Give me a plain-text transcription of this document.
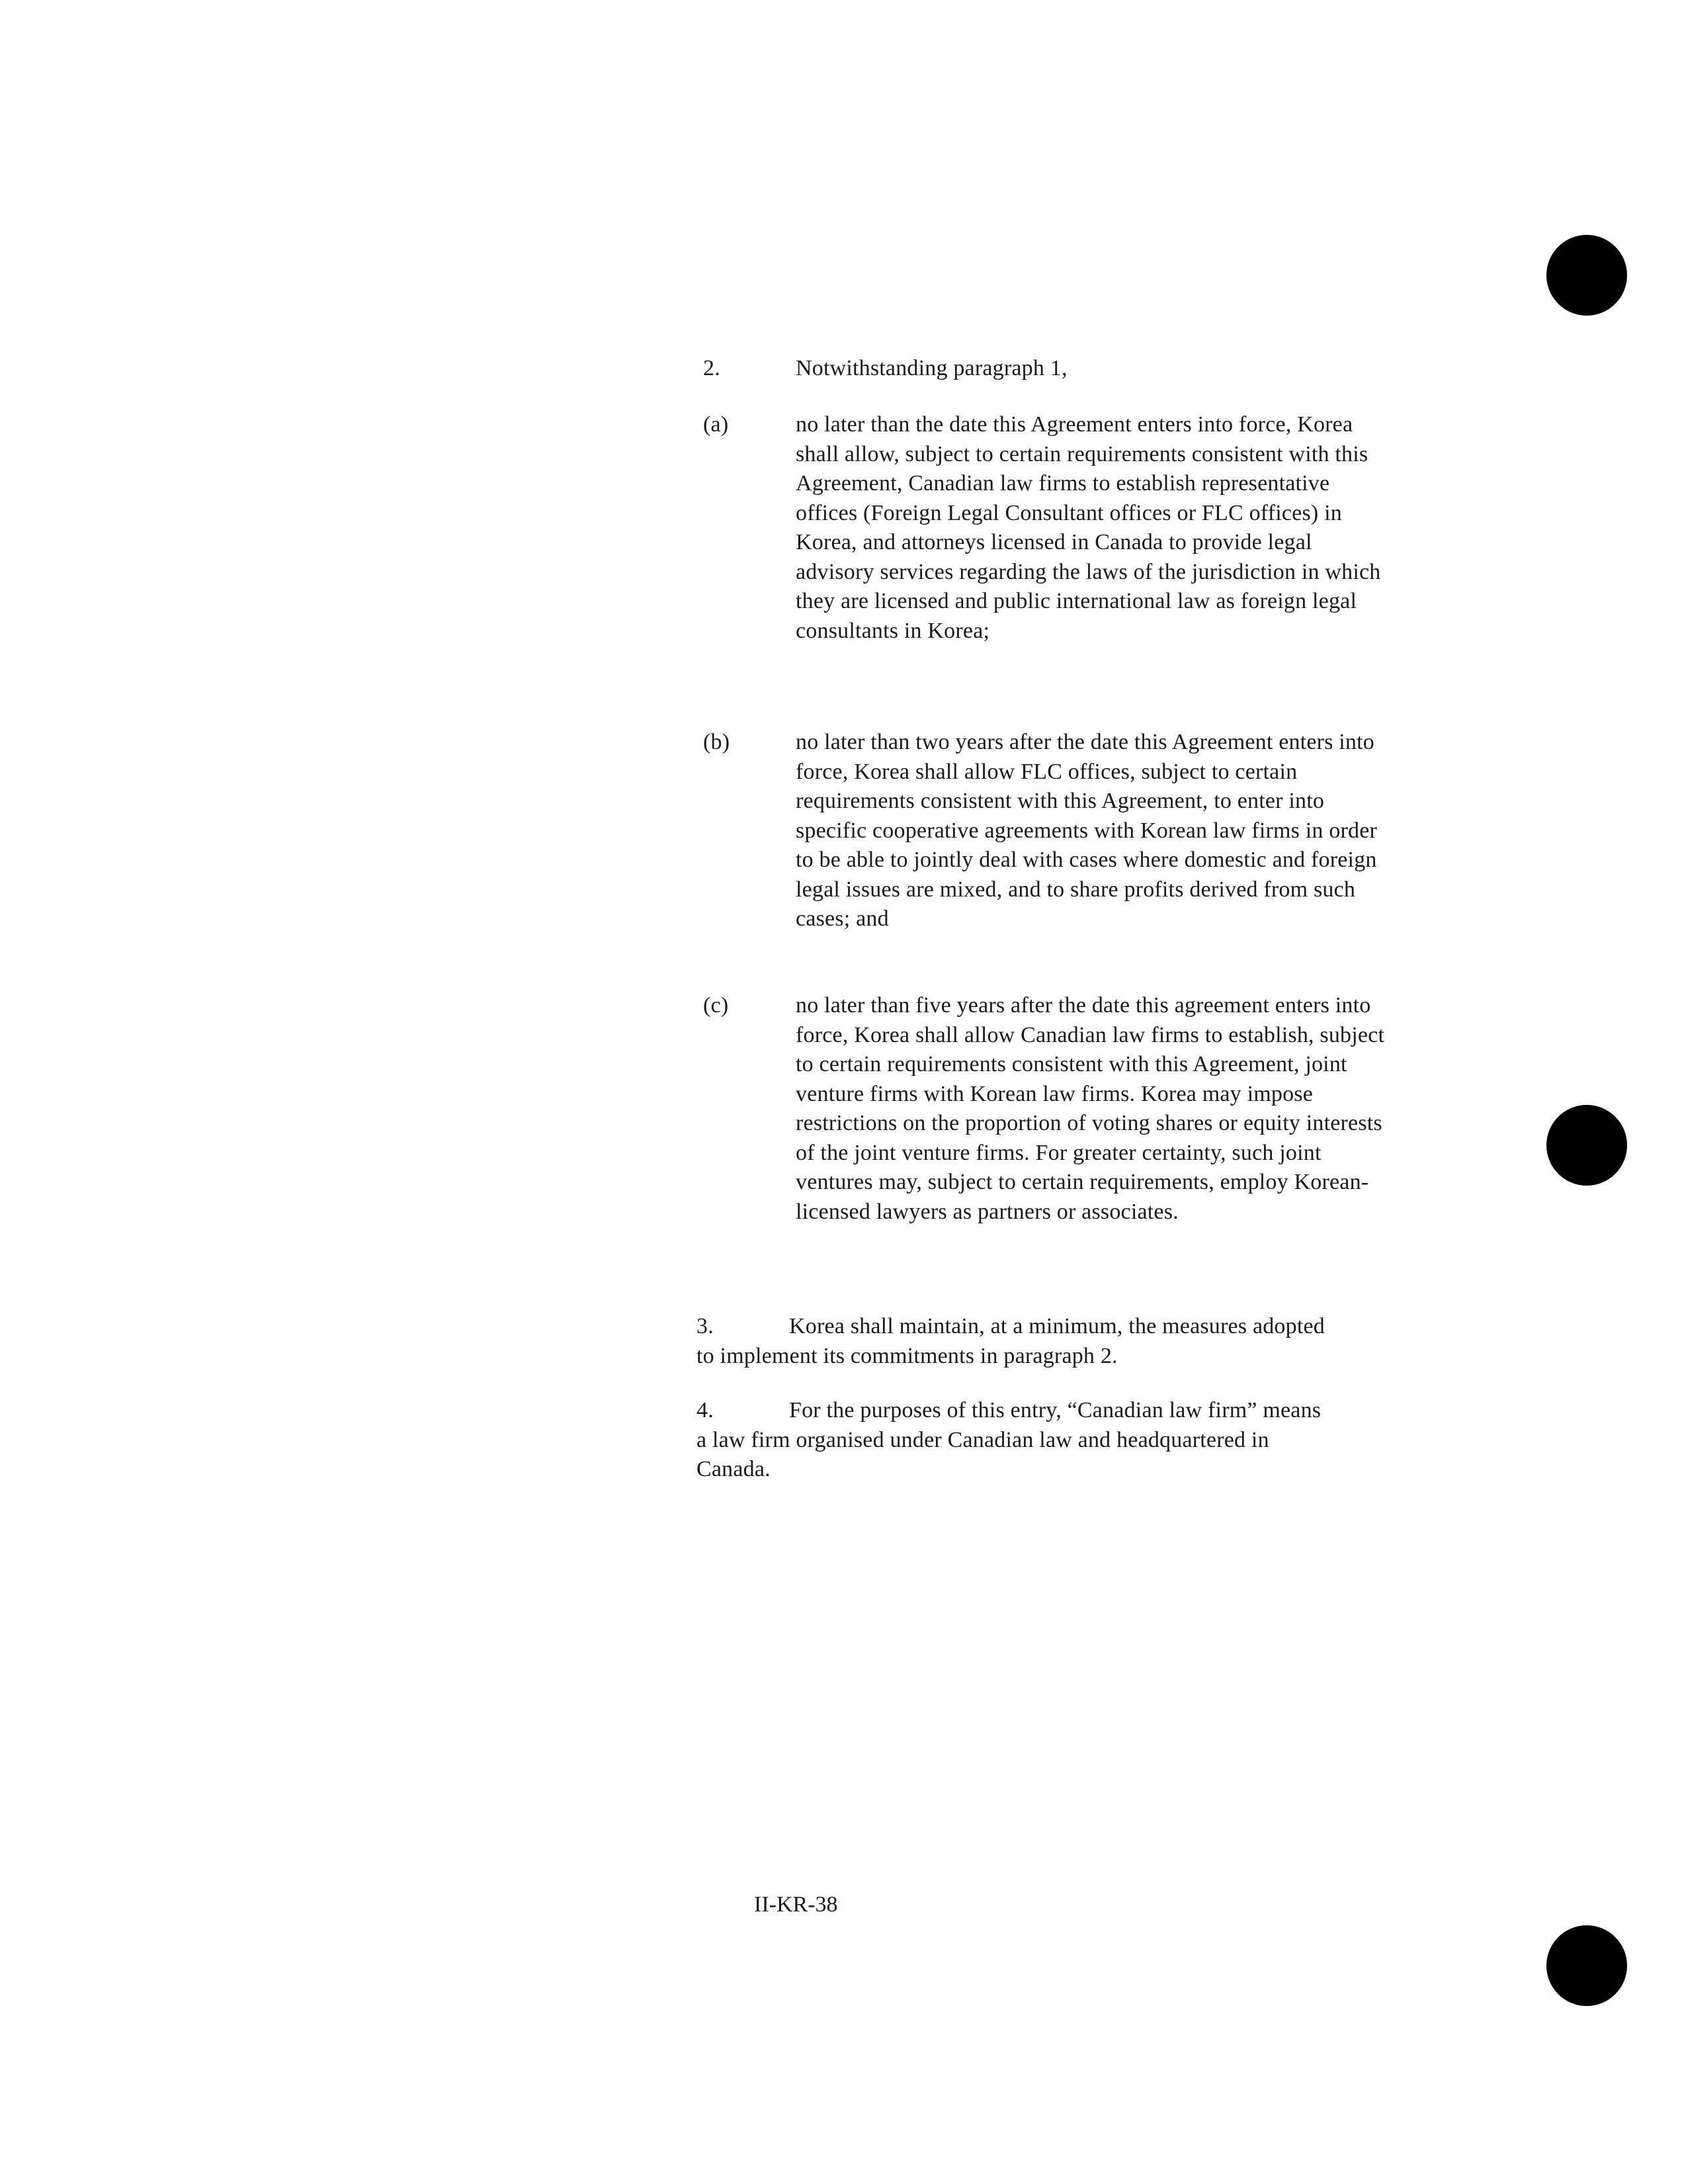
2.	Notwithstanding paragraph 1,
(a)	no later than the date this Agreement enters into force, Korea shall allow, subject to certain requirements consistent with this Agreement, Canadian law firms to establish representative offices (Foreign Legal Consultant offices or FLC offices) in Korea, and attorneys licensed in Canada to provide legal advisory services regarding the laws of the jurisdiction in which they are licensed and public international law as foreign legal consultants in Korea;
(b)	no later than two years after the date this Agreement enters into force, Korea shall allow FLC offices, subject to certain requirements consistent with this Agreement, to enter into specific cooperative agreements with Korean law firms in order to be able to jointly deal with cases where domestic and foreign legal issues are mixed, and to share profits derived from such cases; and
(c)	no later than five years after the date this agreement enters into force, Korea shall allow Canadian law firms to establish, subject to certain requirements consistent with this Agreement, joint venture firms with Korean law firms. Korea may impose restrictions on the proportion of voting shares or equity interests of the joint venture firms. For greater certainty, such joint ventures may, subject to certain requirements, employ Korean-licensed lawyers as partners or associates.
3.	Korea shall maintain, at a minimum, the measures adopted to implement its commitments in paragraph 2.
4.	For the purposes of this entry, “Canadian law firm” means a law firm organised under Canadian law and headquartered in Canada.
II-KR-38
